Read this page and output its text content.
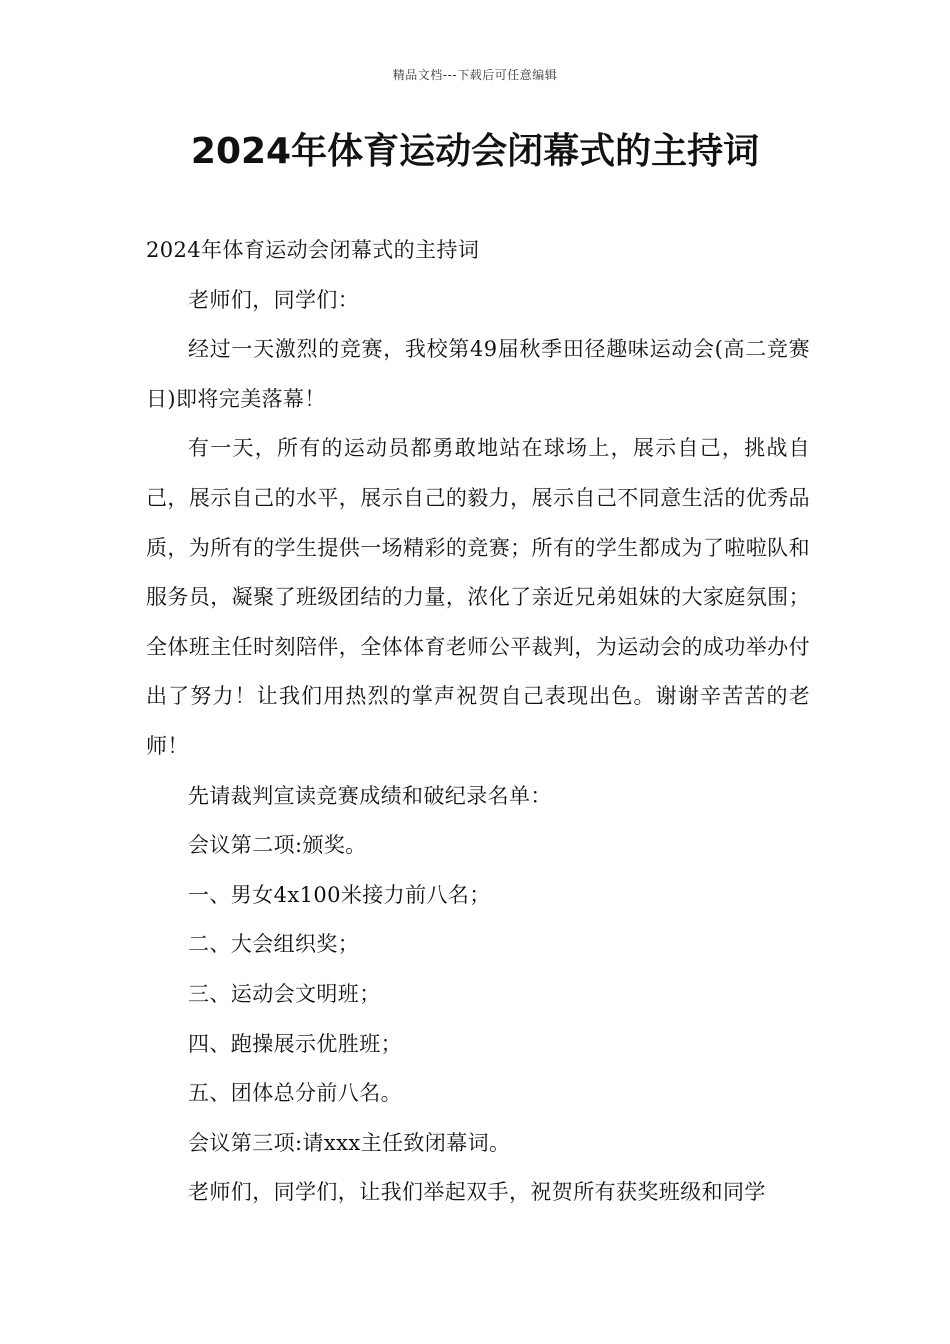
精品文档---下载后可任意编辑
2024年体育运动会闭幕式的主持词

2024年体育运动会闭幕式的主持词

老师们，同学们：

经过一天激烈的竞赛，我校第49届秋季田径趣味运动会(高二竞赛日)即将完美落幕！

有一天，所有的运动员都勇敢地站在球场上，展示自己，挑战自己，展示自己的水平，展示自己的毅力，展示自己不同意生活的优秀品质，为所有的学生提供一场精彩的竞赛；所有的学生都成为了啦啦队和服务员，凝聚了班级团结的力量，浓化了亲近兄弟姐妹的大家庭氛围；全体班主任时刻陪伴，全体体育老师公平裁判，为运动会的成功举办付出了努力！让我们用热烈的掌声祝贺自己表现出色。谢谢辛苦苦的老师！

先请裁判宣读竞赛成绩和破纪录名单：

会议第二项:颁奖。

一、男女4x100米接力前八名；

二、大会组织奖；

三、运动会文明班；

四、跑操展示优胜班；

五、团体总分前八名。

会议第三项:请xxx主任致闭幕词。

老师们，同学们，让我们举起双手，祝贺所有获奖班级和同学
